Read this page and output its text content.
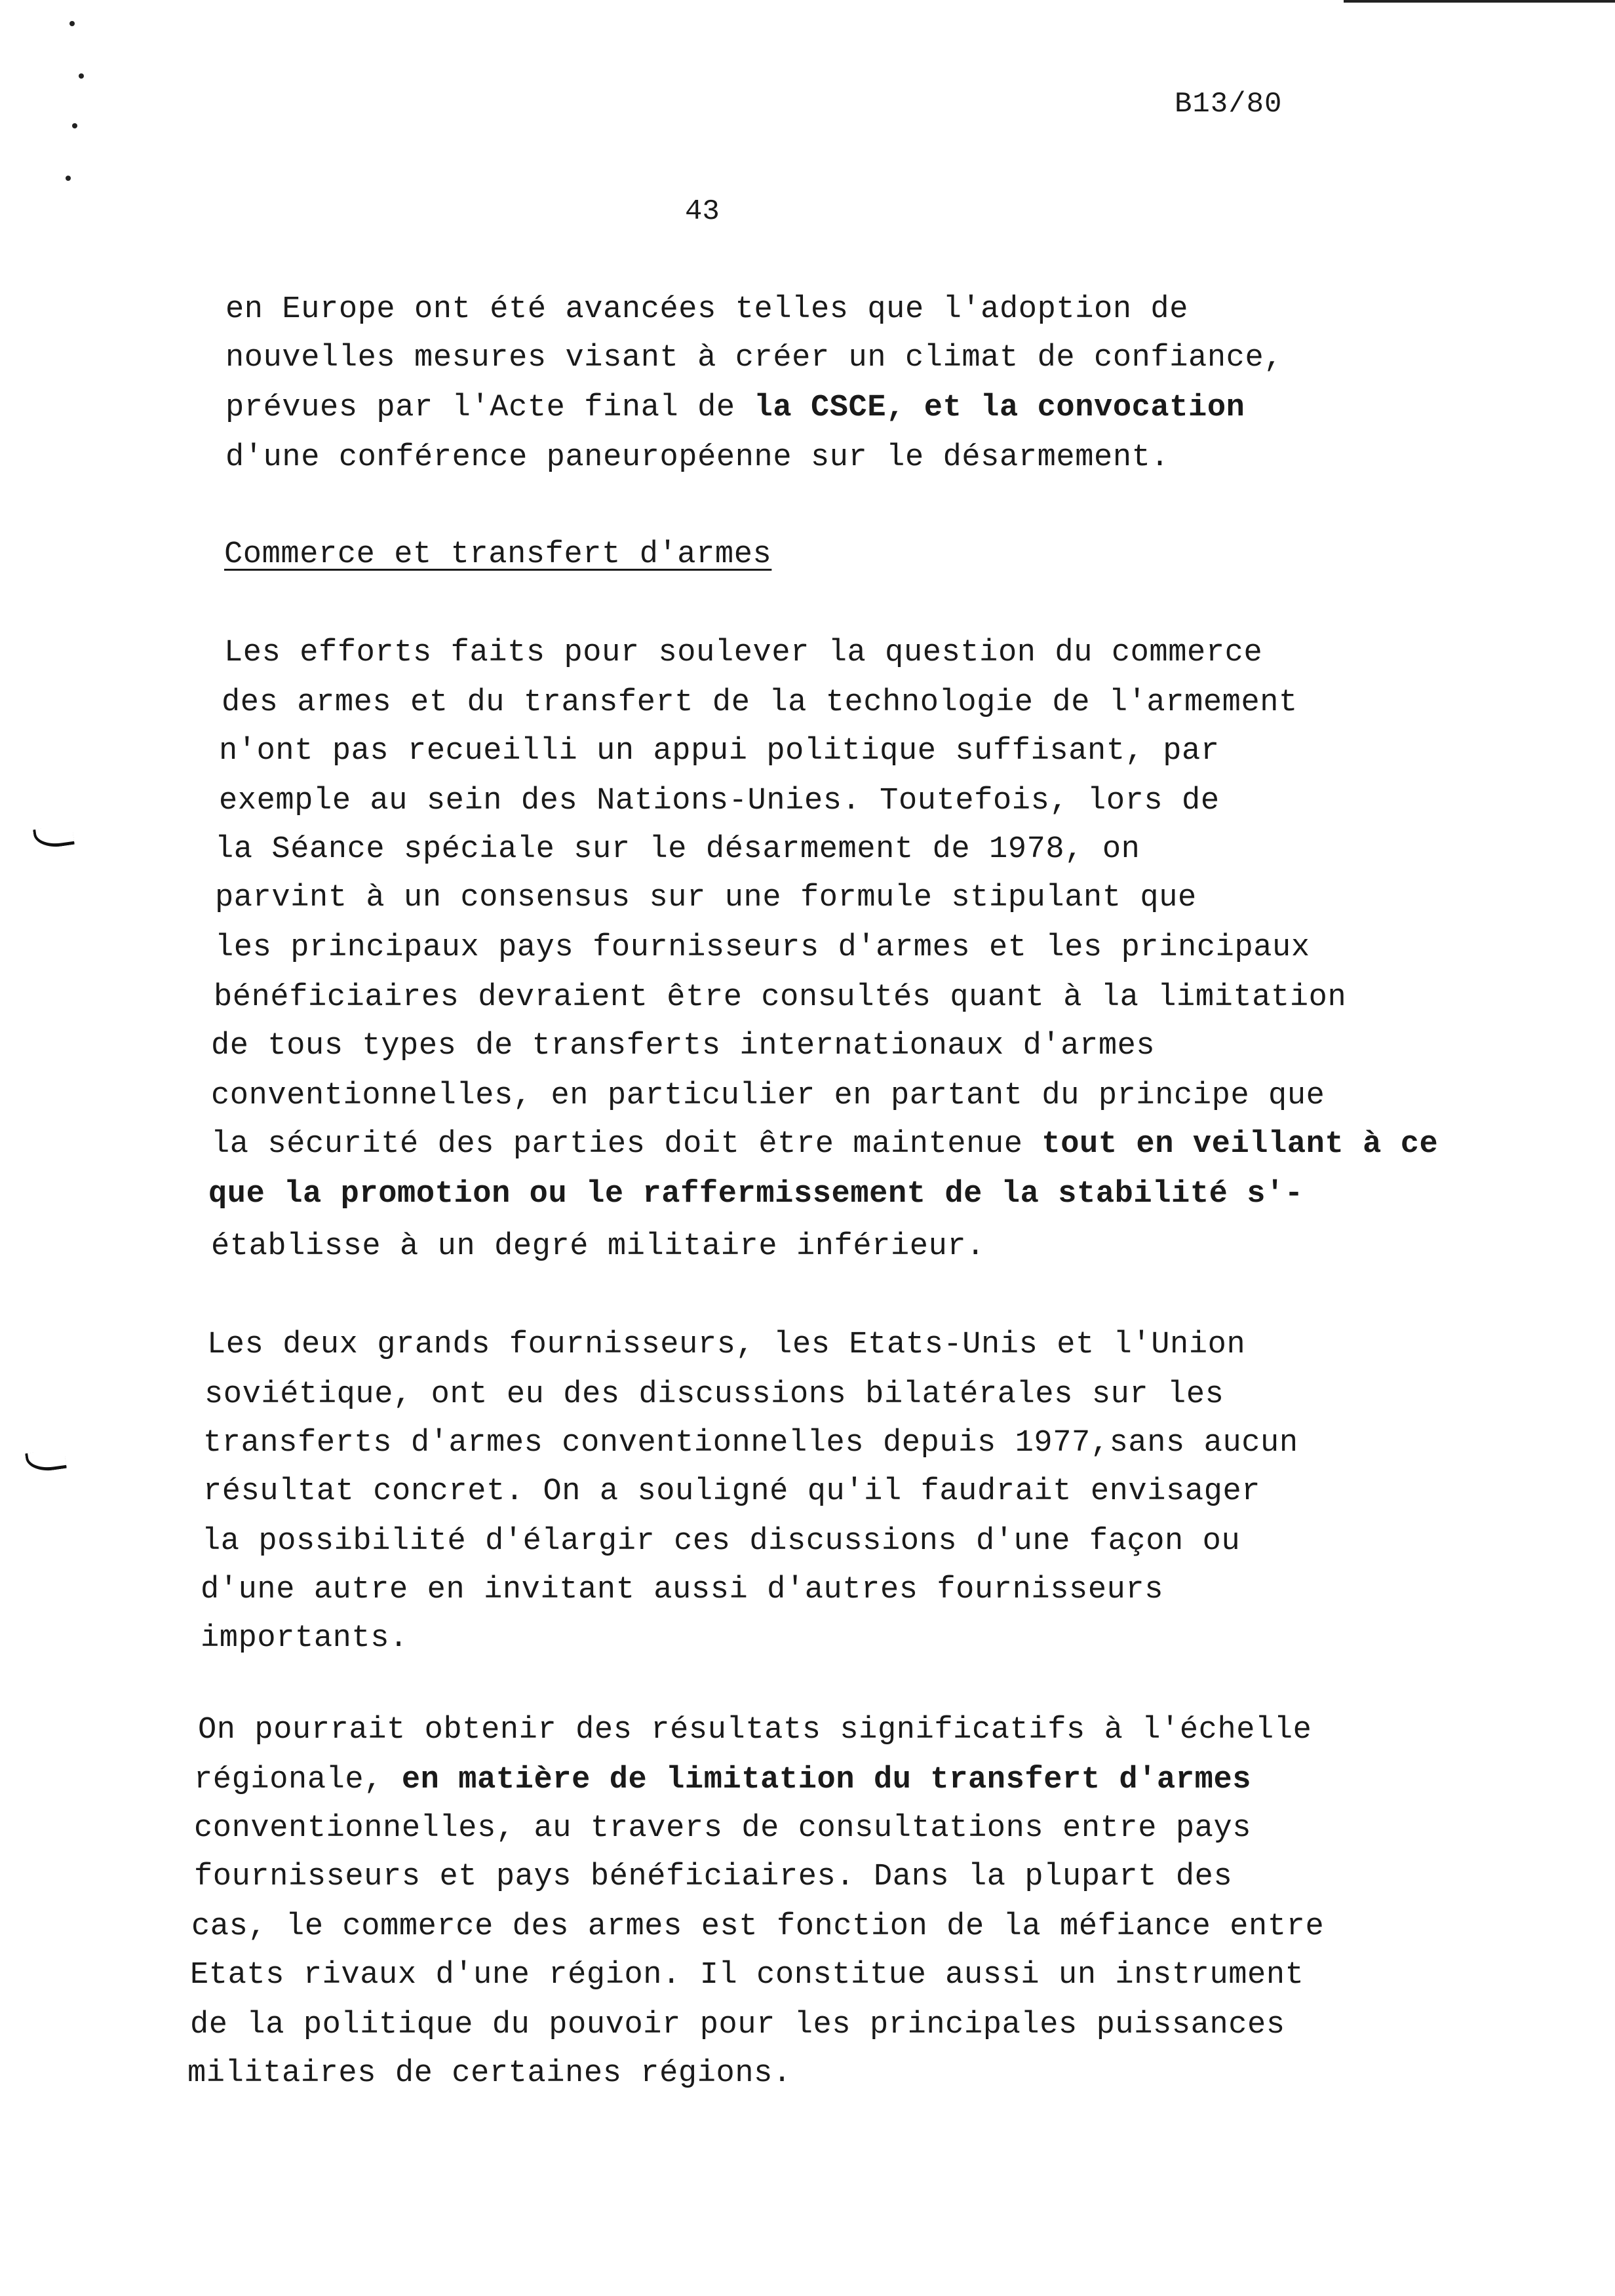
B13/80
43
en Europe ont été avancées telles que l'adoption de
nouvelles mesures visant à créer un climat de confiance,
prévues par l'Acte final de la CSCE, et la convocation
d'une conférence paneuropéenne sur le désarmement.
Commerce et transfert d'armes
Les efforts faits pour soulever la question du commerce
des armes et du transfert de la technologie de l'armement
n'ont pas recueilli un appui politique suffisant, par
exemple au sein des Nations-Unies. Toutefois, lors de
la Séance spéciale sur le désarmement de 1978, on
parvint à un consensus sur une formule stipulant que
les principaux pays fournisseurs d'armes et les principaux
bénéficiaires devraient être consultés quant à la limitation
de tous types de transferts internationaux d'armes
conventionnelles, en particulier en partant du principe que
la sécurité des parties doit être maintenue tout en veillant à ce
que la promotion ou le raffermissement de la stabilité s'-
établisse à un degré militaire inférieur.
Les deux grands fournisseurs, les Etats-Unis et l'Union
soviétique, ont eu des discussions bilatérales sur les
transferts d'armes conventionnelles depuis 1977,sans aucun
résultat concret. On a souligné qu'il faudrait envisager
la possibilité d'élargir ces discussions d'une façon ou
d'une autre en invitant aussi d'autres fournisseurs
importants.
On pourrait obtenir des résultats significatifs à l'échelle
régionale, en matière de limitation du transfert d'armes
conventionnelles, au travers de consultations entre pays
fournisseurs et pays bénéficiaires. Dans la plupart des
cas, le commerce des armes est fonction de la méfiance entre
Etats rivaux d'une région. Il constitue aussi un instrument
de la politique du pouvoir pour les principales puissances
militaires de certaines régions.
